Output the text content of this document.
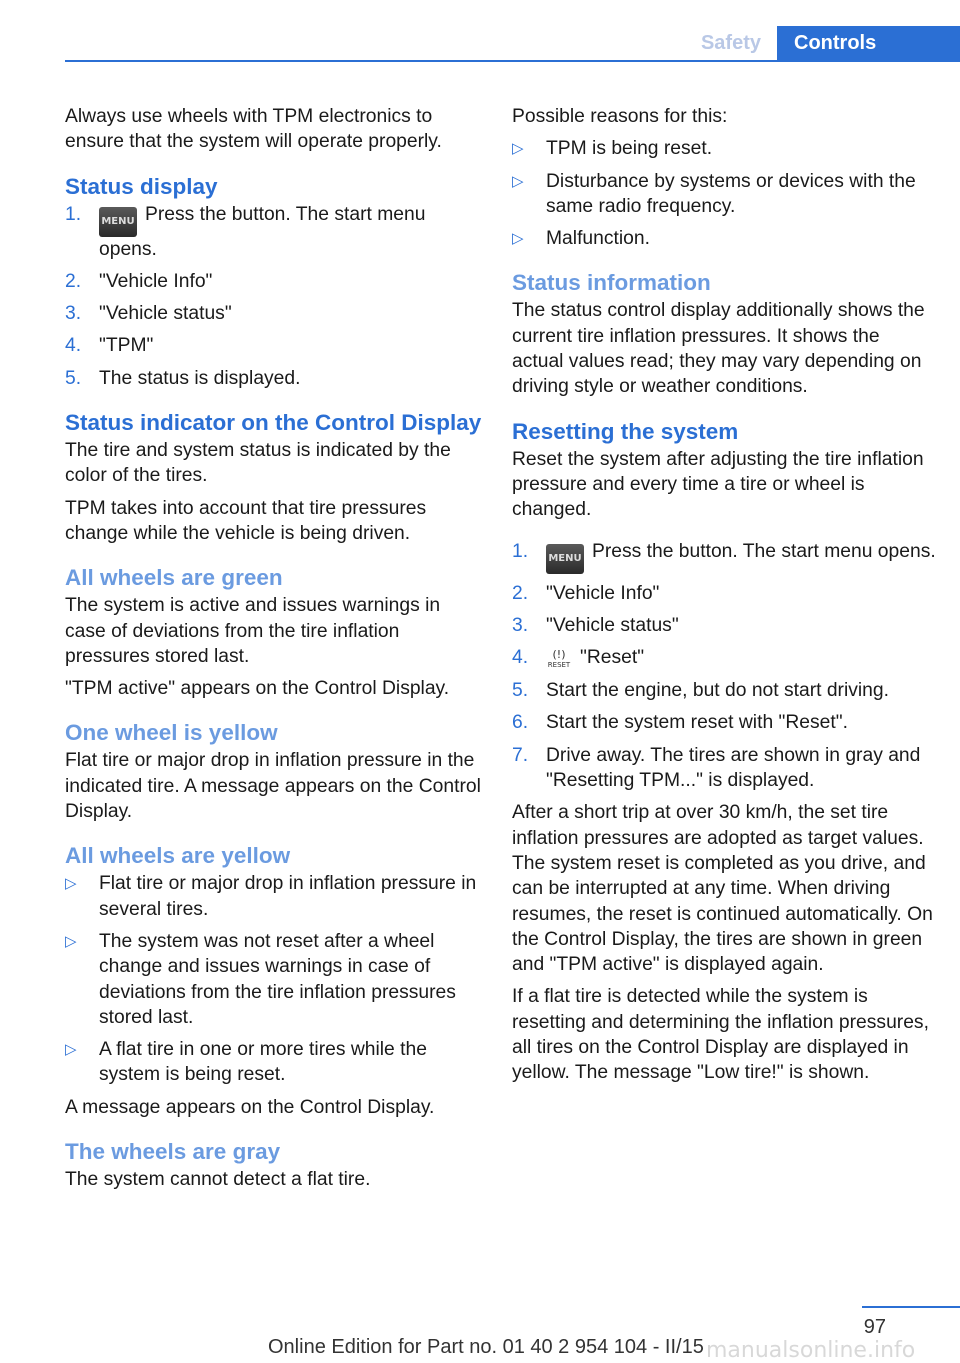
Safety	Controls

Always use wheels with TPM electronics to ensure that the system will operate properly.

Status display
1. MENU Press the button. The start menu opens.
2. "Vehicle Info"
3. "Vehicle status"
4. "TPM"
5. The status is displayed.
Status indicator on the Control Display

The tire and system status is indicated by the color of the tires.

TPM takes into account that tire pressures change while the vehicle is being driven.

All wheels are green

The system is active and issues warnings in case of deviations from the tire inflation pressures stored last.

"TPM active" appears on the Control Display.

One wheel is yellow

Flat tire or major drop in inflation pressure in the indicated tire. A message appears on the Control Display.

All wheels are yellow
▷ Flat tire or major drop in inflation pressure in several tires.
▷ The system was not reset after a wheel change and issues warnings in case of deviations from the tire inflation pressures stored last.
▷ A flat tire in one or more tires while the system is being reset.

A message appears on the Control Display.

The wheels are gray

The system cannot detect a flat tire.

Possible reasons for this:

▷ TPM is being reset.
▷ Disturbance by systems or devices with the same radio frequency.
▷ Malfunction.
Status information

The status control display additionally shows the current tire inflation pressures. It shows the actual values read; they may vary depending on driving style or weather conditions.

Resetting the system

Reset the system after adjusting the tire inflation pressure and every time a tire or wheel is changed.

1. MENU Press the button. The start menu opens.
2. "Vehicle Info"
3. "Vehicle status"
4.	(!)
RESET "Reset"
5. Start the engine, but do not start driving.
6. Start the system reset with "Reset".
7. Drive away. The tires are shown in gray and "Resetting TPM..." is displayed.

After a short trip at over 30 km/h, the set tire inflation pressures are adopted as target values. The system reset is completed as you drive, and can be interrupted at any time. When driving resumes, the reset is continued automatically. On the Control Display, the tires are shown in green and "TPM active" is displayed again.

If a flat tire is detected while the system is resetting and determining the inflation pressures, all tires on the Control Display are displayed in yellow. The message "Low tire!" is shown.

97
Online Edition for Part no. 01 40 2 954 104 - II/15 manualsonline.info
